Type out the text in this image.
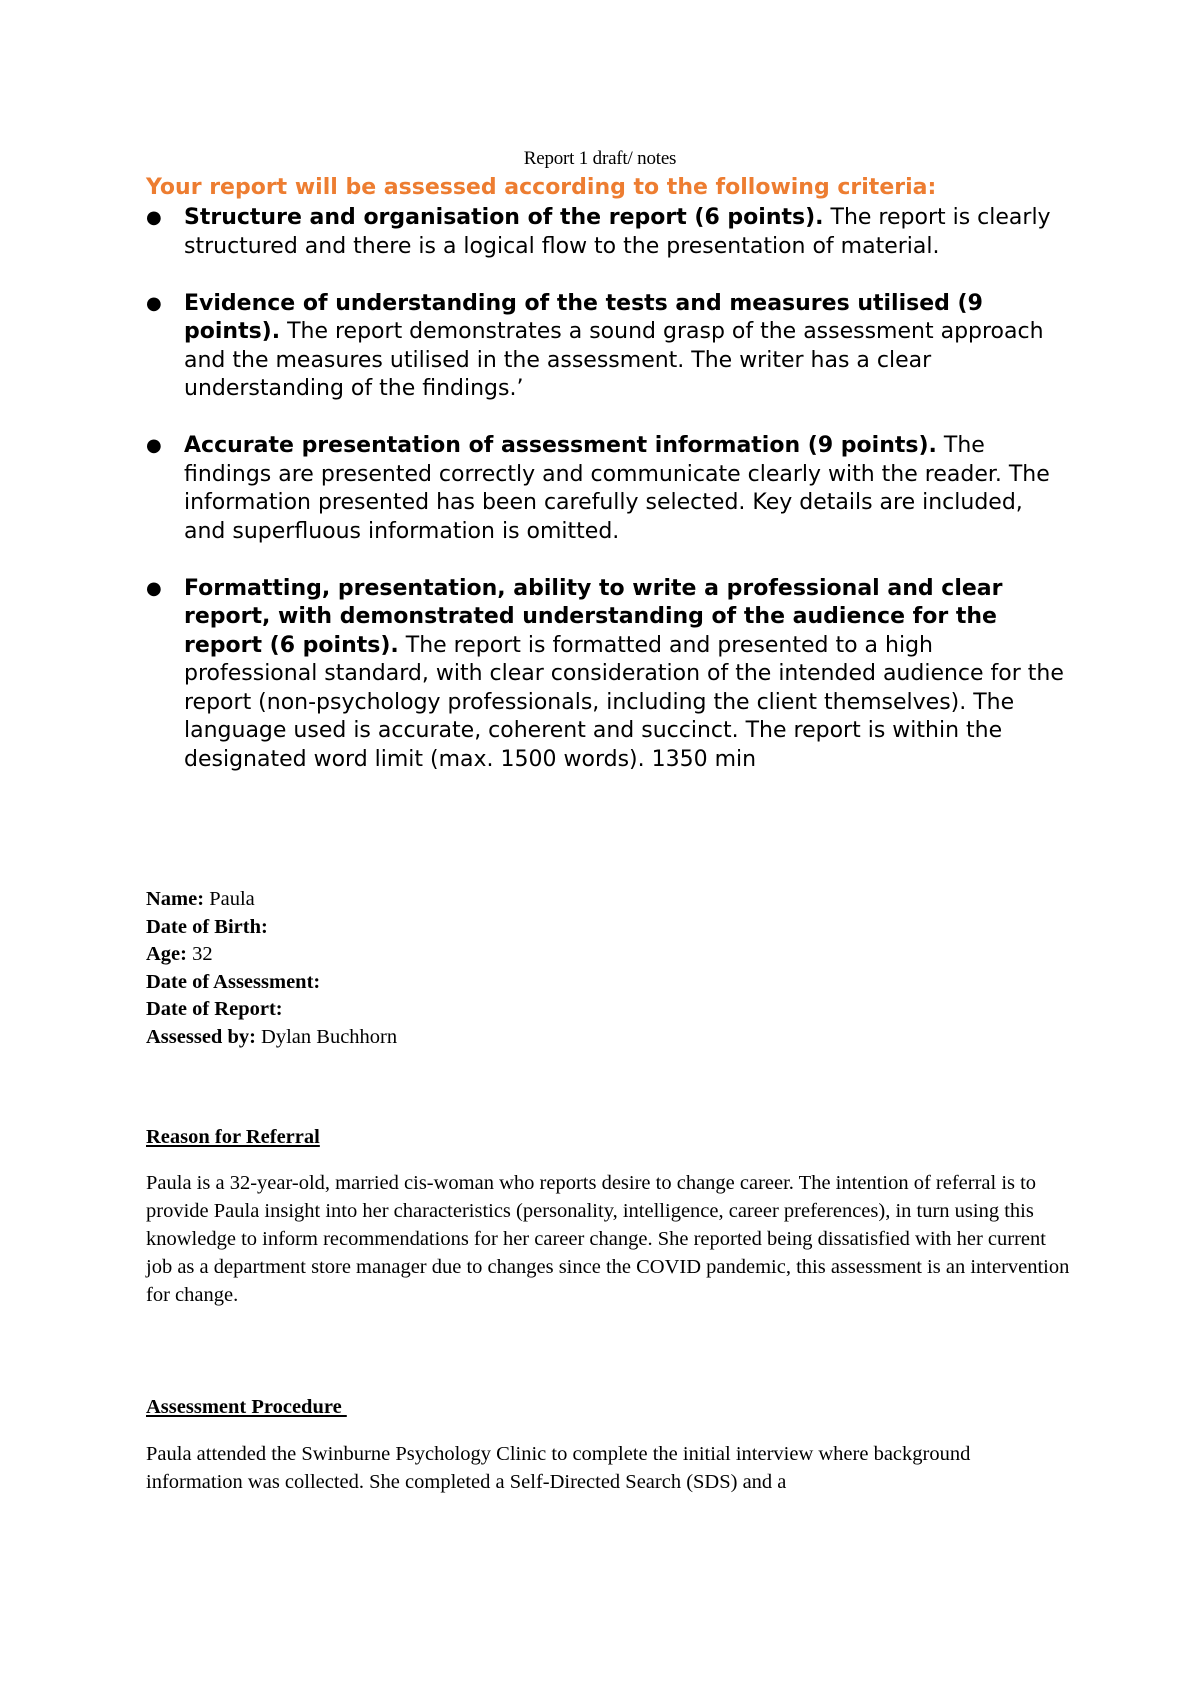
Report 1 draft/ notes
Your report will be assessed according to the following criteria:
● Structure and organisation of the report (6 points). The report is clearly structured and there is a logical flow to the presentation of material.
● Evidence of understanding of the tests and measures utilised (9 points). The report demonstrates a sound grasp of the assessment approach and the measures utilised in the assessment. The writer has a clear understanding of the findings.’
● Accurate presentation of assessment information (9 points). The findings are presented correctly and communicate clearly with the reader. The information presented has been carefully selected. Key details are included, and superfluous information is omitted.
● Formatting, presentation, ability to write a professional and clear report, with demonstrated understanding of the audience for the report (6 points). The report is formatted and presented to a high professional standard, with clear consideration of the intended audience for the report (non-psychology professionals, including the client themselves). The language used is accurate, coherent and succinct. The report is within the designated word limit (max. 1500 words). 1350 min
Name: Paula
Date of Birth:
Age: 32
Date of Assessment:
Date of Report:
Assessed by: Dylan Buchhorn
Reason for Referral

Paula is a 32-year-old, married cis-woman who reports desire to change career. The intention of referral is to provide Paula insight into her characteristics (personality, intelligence, career preferences), in turn using this knowledge to inform recommendations for her career change. She reported being dissatisfied with her current job as a department store manager due to changes since the COVID pandemic, this assessment is an intervention for change.

Assessment Procedure

Paula attended the Swinburne Psychology Clinic to complete the initial interview where background information was collected. She completed a Self-Directed Search (SDS) and a
